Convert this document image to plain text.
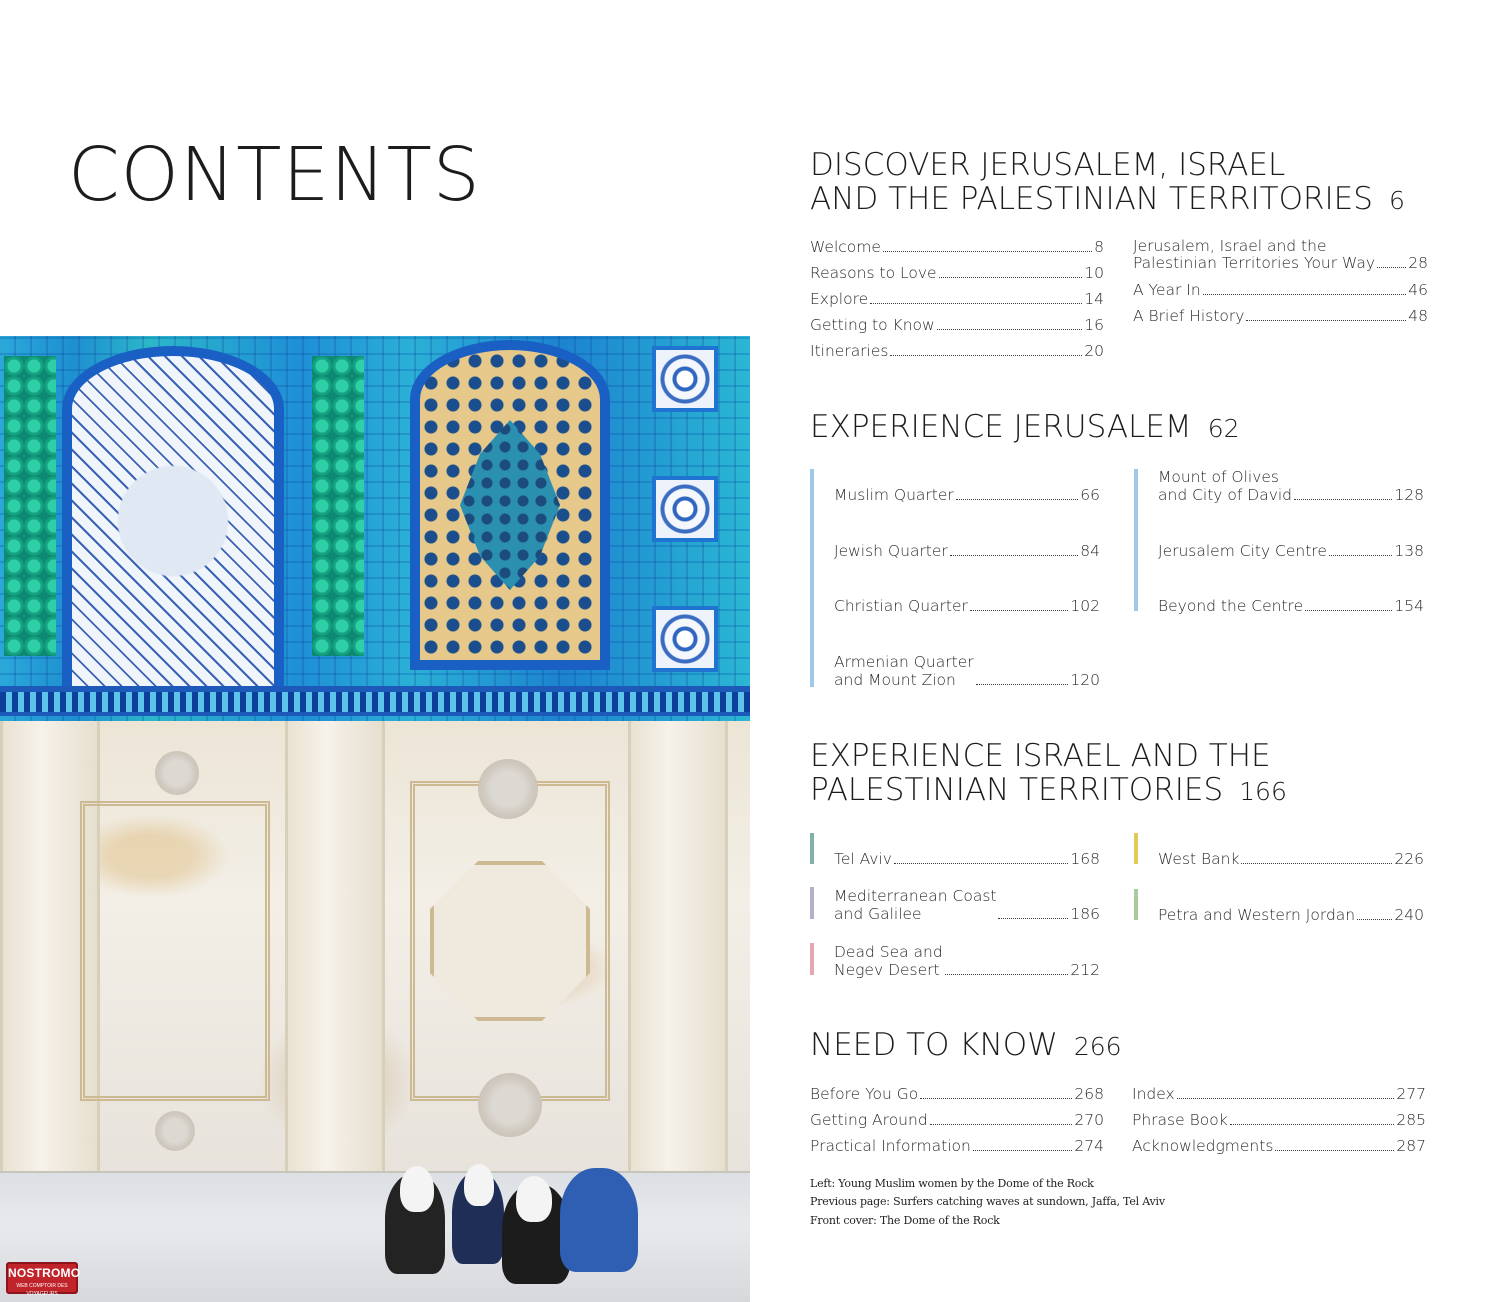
CONTENTS
NOSTROMO
WEB COMPTOIR DES VOYAGEURS
DISCOVER JERUSALEM, ISRAEL
AND THE PALESTINIAN TERRITORIES 6
Welcome	8
Reasons to Love	10
Explore	14
Getting to Know	16
Itineraries	20
Jerusalem, Israel and the
Palestinian Territories Your Way 28
A Year In	46
A Brief History	48
EXPERIENCE JERUSALEM 62
Muslim Quarter	66
Jewish Quarter	84
Christian Quarter	102
Armenian Quarter
and Mount Zion	120
Mount of Olives
and City of David	128
Jerusalem City Centre	138
Beyond the Centre	154
EXPERIENCE ISRAEL AND THE
PALESTINIAN TERRITORIES 166
Tel Aviv	168
Mediterranean Coast
and Galilee	186
Dead Sea and
Negev Desert	212
West Bank	226
Petra and Western Jordan	240
NEED TO KNOW 266
Before You Go	268
Getting Around	270
Practical Information	274
Index	277
Phrase Book	285
Acknowledgments	287
Left: Young Muslim women by the Dome of the Rock
Previous page: Surfers catching waves at sundown, Jaffa, Tel Aviv
Front cover: The Dome of the Rock
